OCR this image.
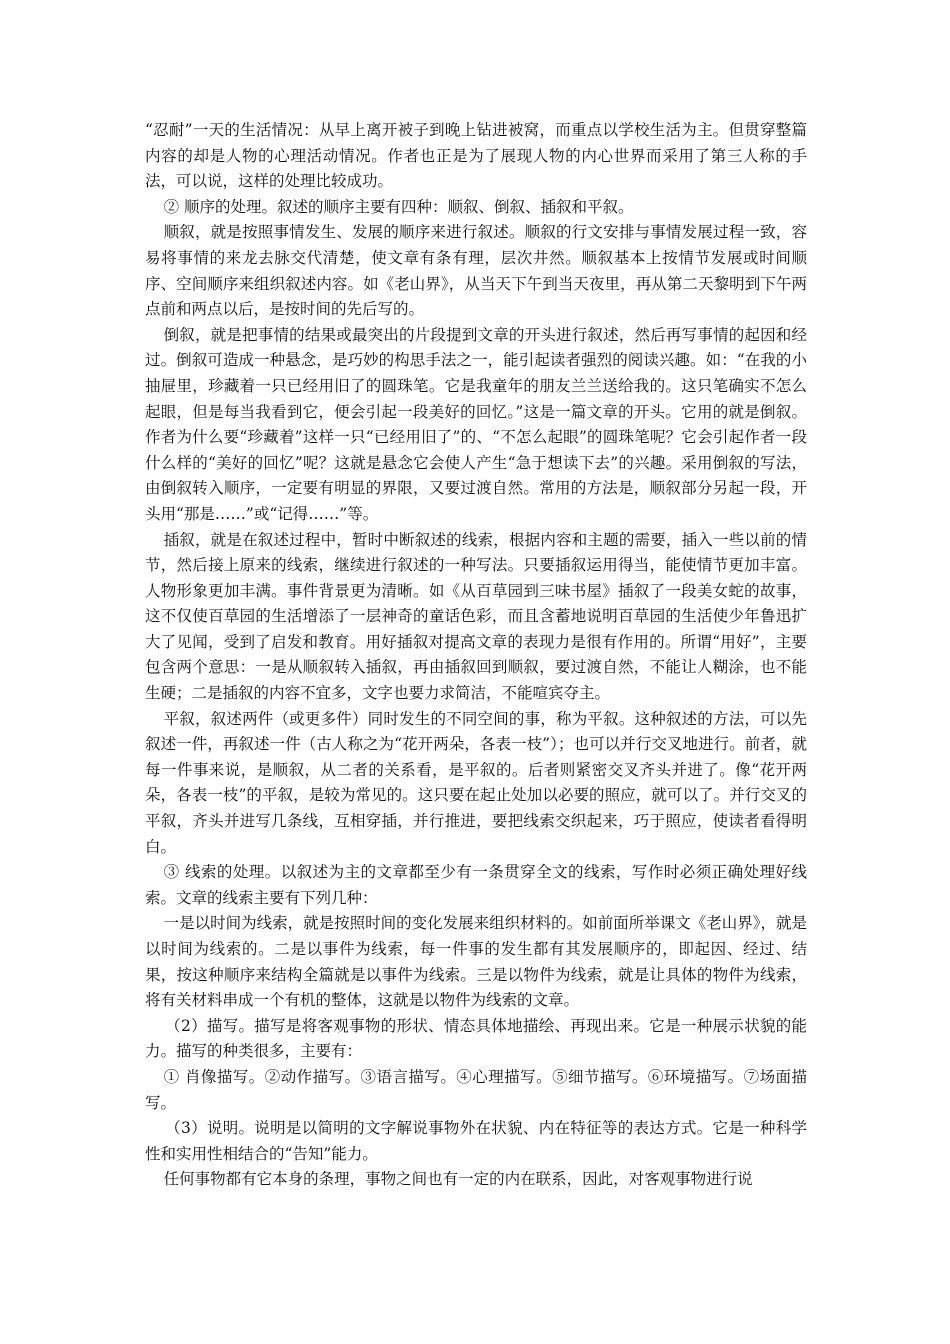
“忍耐”一天的生活情况：从早上离开被子到晚上钻进被窝，而重点以学校生活为主。但贯穿整篇内容的却是人物的心理活动情况。作者也正是为了展现人物的内心世界而采用了第三人称的手法，可以说，这样的处理比较成功。

② 顺序的处理。叙述的顺序主要有四种：顺叙、倒叙、插叙和平叙。

顺叙，就是按照事情发生、发展的顺序来进行叙述。顺叙的行文安排与事情发展过程一致，容易将事情的来龙去脉交代清楚，使文章有条有理，层次井然。顺叙基本上按情节发展或时间顺序、空间顺序来组织叙述内容。如《老山界》，从当天下午到当天夜里，再从第二天黎明到下午两点前和两点以后，是按时间的先后写的。

倒叙，就是把事情的结果或最突出的片段提到文章的开头进行叙述，然后再写事情的起因和经过。倒叙可造成一种悬念，是巧妙的构思手法之一，能引起读者强烈的阅读兴趣。如：“在我的小抽屉里，珍藏着一只已经用旧了的圆珠笔。它是我童年的朋友兰兰送给我的。这只笔确实不怎么起眼，但是每当我看到它，便会引起一段美好的回忆。”这是一篇文章的开头。它用的就是倒叙。作者为什么要“珍藏着”这样一只“已经用旧了”的、“不怎么起眼”的圆珠笔呢？它会引起作者一段什么样的“美好的回忆”呢？这就是悬念它会使人产生“急于想读下去”的兴趣。采用倒叙的写法，由倒叙转入顺序，一定要有明显的界限，又要过渡自然。常用的方法是，顺叙部分另起一段，开头用“那是……”或“记得……”等。

插叙，就是在叙述过程中，暂时中断叙述的线索，根据内容和主题的需要，插入一些以前的情节，然后接上原来的线索，继续进行叙述的一种写法。只要插叙运用得当，能使情节更加丰富。人物形象更加丰满。事件背景更为清晰。如《从百草园到三味书屋》插叙了一段美女蛇的故事，这不仅使百草园的生活增添了一层神奇的童话色彩，而且含蓄地说明百草园的生活使少年鲁迅扩大了见闻，受到了启发和教育。用好插叙对提高文章的表现力是很有作用的。所谓“用好”，主要包含两个意思：一是从顺叙转入插叙，再由插叙回到顺叙，要过渡自然，不能让人糊涂，也不能生硬；二是插叙的内容不宜多，文字也要力求简洁，不能喧宾夺主。

平叙，叙述两件（或更多件）同时发生的不同空间的事，称为平叙。这种叙述的方法，可以先叙述一件，再叙述一件（古人称之为“花开两朵，各表一枝”）；也可以并行交叉地进行。前者，就每一件事来说，是顺叙，从二者的关系看，是平叙的。后者则紧密交叉齐头并进了。像“花开两朵，各表一枝”的平叙，是较为常见的。这只要在起止处加以必要的照应，就可以了。并行交叉的平叙，齐头并进写几条线，互相穿插，并行推进，要把线索交织起来，巧于照应，使读者看得明白。

③ 线索的处理。以叙述为主的文章都至少有一条贯穿全文的线索，写作时必须正确处理好线索。文章的线索主要有下列几种：

一是以时间为线索，就是按照时间的变化发展来组织材料的。如前面所举课文《老山界》，就是以时间为线索的。二是以事件为线索，每一件事的发生都有其发展顺序的，即起因、经过、结果，按这种顺序来结构全篇就是以事件为线索。三是以物件为线索，就是让具体的物件为线索，将有关材料串成一个有机的整体，这就是以物件为线索的文章。

（2）描写。描写是将客观事物的形状、情态具体地描绘、再现出来。它是一种展示状貌的能力。描写的种类很多，主要有：

① 肖像描写。②动作描写。③语言描写。④心理描写。⑤细节描写。⑥环境描写。⑦场面描写。

（3）说明。说明是以简明的文字解说事物外在状貌、内在特征等的表达方式。它是一种科学性和实用性相结合的“告知”能力。

任何事物都有它本身的条理，事物之间也有一定的内在联系，因此，对客观事物进行说
